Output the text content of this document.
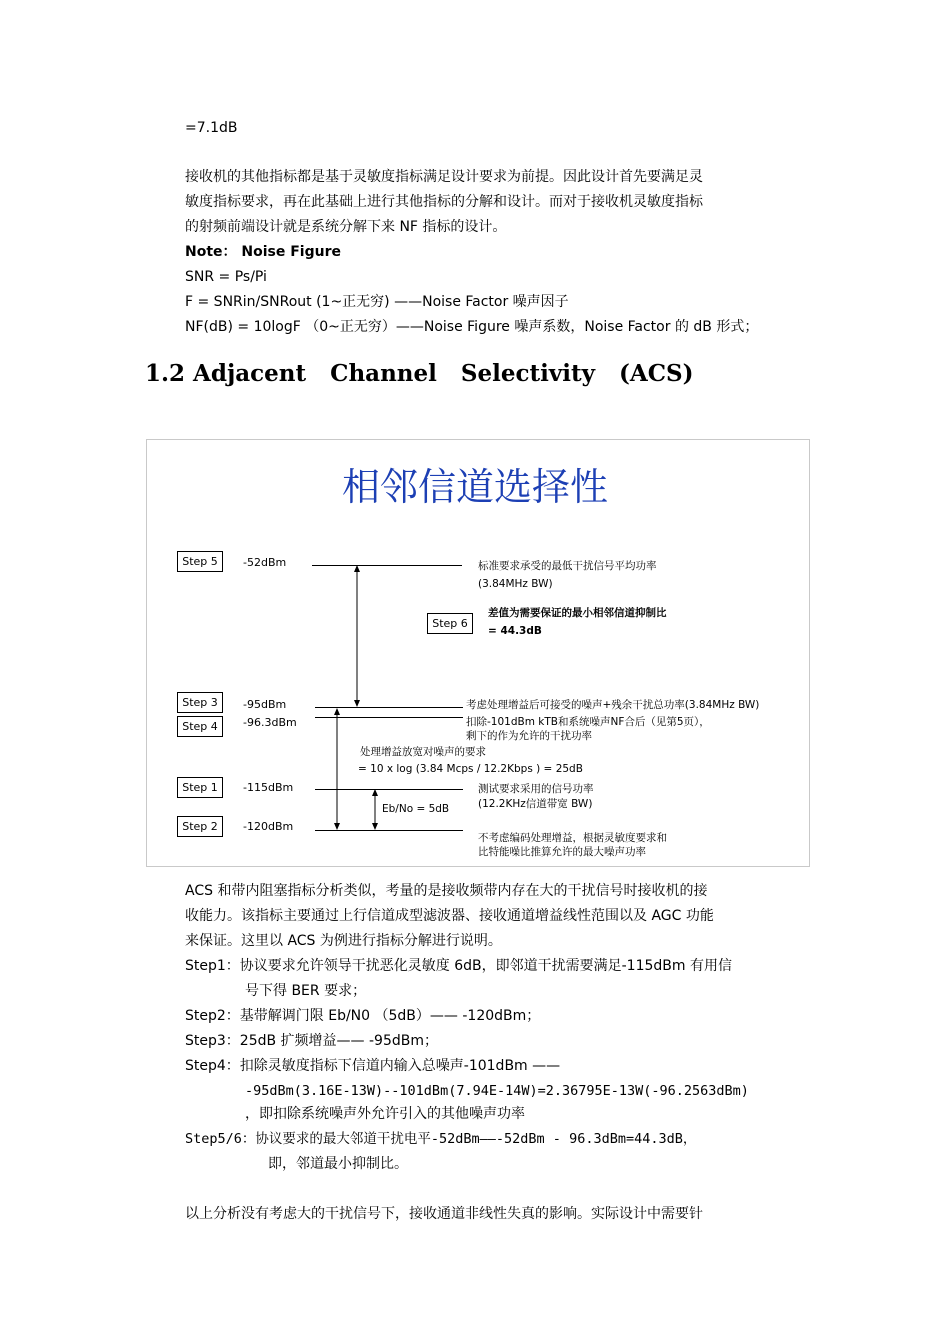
=7.1dB
接收机的其他指标都是基于灵敏度指标满足设计要求为前提。因此设计首先要满足灵
敏度指标要求，再在此基础上进行其他指标的分解和设计。而对于接收机灵敏度指标
的射频前端设计就是系统分解下来 NF 指标的设计。
Note： Noise Figure
SNR = Ps/Pi
F = SNRin/SNRout (1~正无穷) ——Noise Factor 噪声因子
NF(dB) = 10logF （0~正无穷）——Noise Figure 噪声系数，Noise Factor 的 dB 形式；
1.2 Adjacent Channel Selectivity (ACS)
相邻信道选择性
Step 5
Step 6
Step 3
Step 4
Step 1
Step 2
-52dBm
-95dBm
-96.3dBm
-115dBm
-120dBm
标准要求承受的最低干扰信号平均功率
(3.84MHz BW)
差值为需要保证的最小相邻信道抑制比
= 44.3dB
考虑处理增益后可接受的噪声+残余干扰总功率(3.84MHz BW)
扣除-101dBm kTB和系统噪声NF合后（见第5页），
剩下的作为允许的干扰功率
处理增益放宽对噪声的要求
= 10 x log (3.84 Mcps / 12.2Kbps ) = 25dB
测试要求采用的信号功率
(12.2KHz信道带宽 BW)
Eb/No = 5dB
不考虑编码处理增益，根据灵敏度要求和
比特能噪比推算允许的最大噪声功率
ACS 和带内阻塞指标分析类似，考量的是接收频带内存在大的干扰信号时接收机的接
收能力。该指标主要通过上行信道成型滤波器、接收通道增益线性范围以及 AGC 功能
来保证。这里以 ACS 为例进行指标分解进行说明。
Step1：协议要求允许领导干扰恶化灵敏度 6dB，即邻道干扰需要满足-115dBm 有用信
号下得 BER 要求；
Step2：基带解调门限 Eb/N0 （5dB）—— -120dBm；
Step3：25dB 扩频增益—— -95dBm；
Step4：扣除灵敏度指标下信道内输入总噪声-101dBm ——
-95dBm(3.16E-13W)--101dBm(7.94E-14W)=2.36795E-13W(-96.2563dBm)
，即扣除系统噪声外允许引入的其他噪声功率
Step5/6：协议要求的最大邻道干扰电平-52dBm——-52dBm - 96.3dBm=44.3dB，
即，邻道最小抑制比。
以上分析没有考虑大的干扰信号下，接收通道非线性失真的影响。实际设计中需要针
